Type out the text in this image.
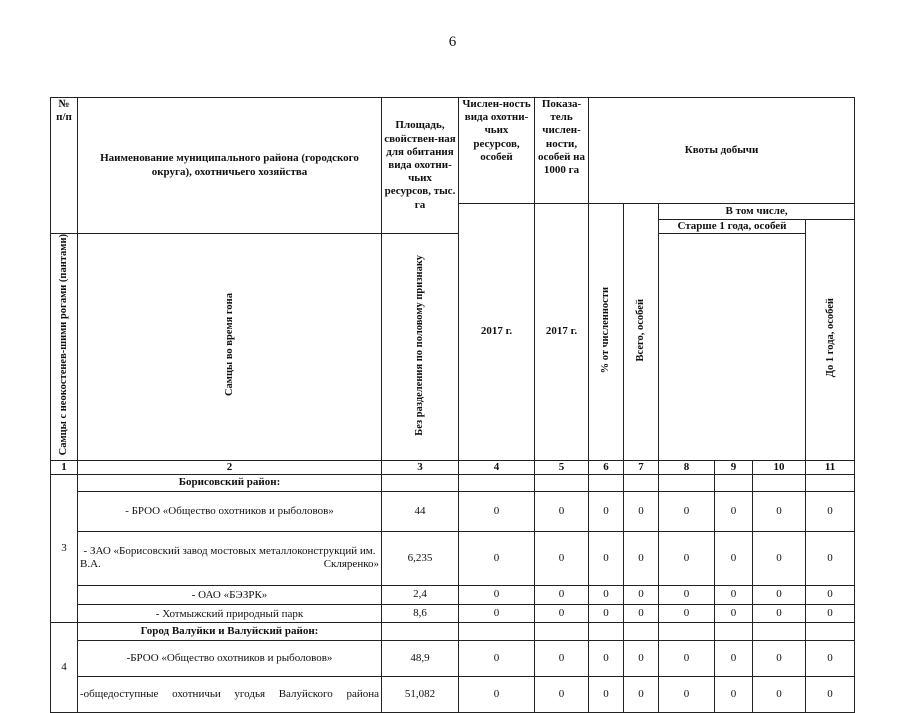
6
№ п/п	Наименование муниципального района (городского округа), охотничьего хозяйства	Площадь, свойствен-ная для обитания вида охотни-чьих ресурсов, тыс. га	Числен-ность вида охотни-чьих ресурсов, особей	Показа-тель числен-ности, особей на 1000 га	Квоты добычи					
			2017 г.	2017 г.	% от численности	Всего, особей	В том числе,			
							Старше 1 года, особей			До 1 года, особей
Самцы с неокостенев-шими рогами (пантами)	Самцы во время гона	Без разделения по половому признаку								
1	2	3	4	5	6	7	8	9	10	11
3	Борисовский район:									
	- БРОО «Общество охотников и рыболовов»	44	0	0	0	0	0	0	0	0
	- ЗАО «Борисовский завод мостовых металлоконструкций им. В.А. Скляренко»	6,235	0	0	0	0	0	0	0	0
	- ОАО «БЭЗРК»	2,4	0	0	0	0	0	0	0	0
	- Хотмыжский природный парк	8,6	0	0	0	0	0	0	0	0
4	Город Валуйки и Валуйский район:									
	-БРОО «Общество охотников и рыболовов»	48,9	0	0	0	0	0	0	0	0
	-общедоступные охотничьи угодья Валуйского района	51,082	0	0	0	0	0	0	0	0
